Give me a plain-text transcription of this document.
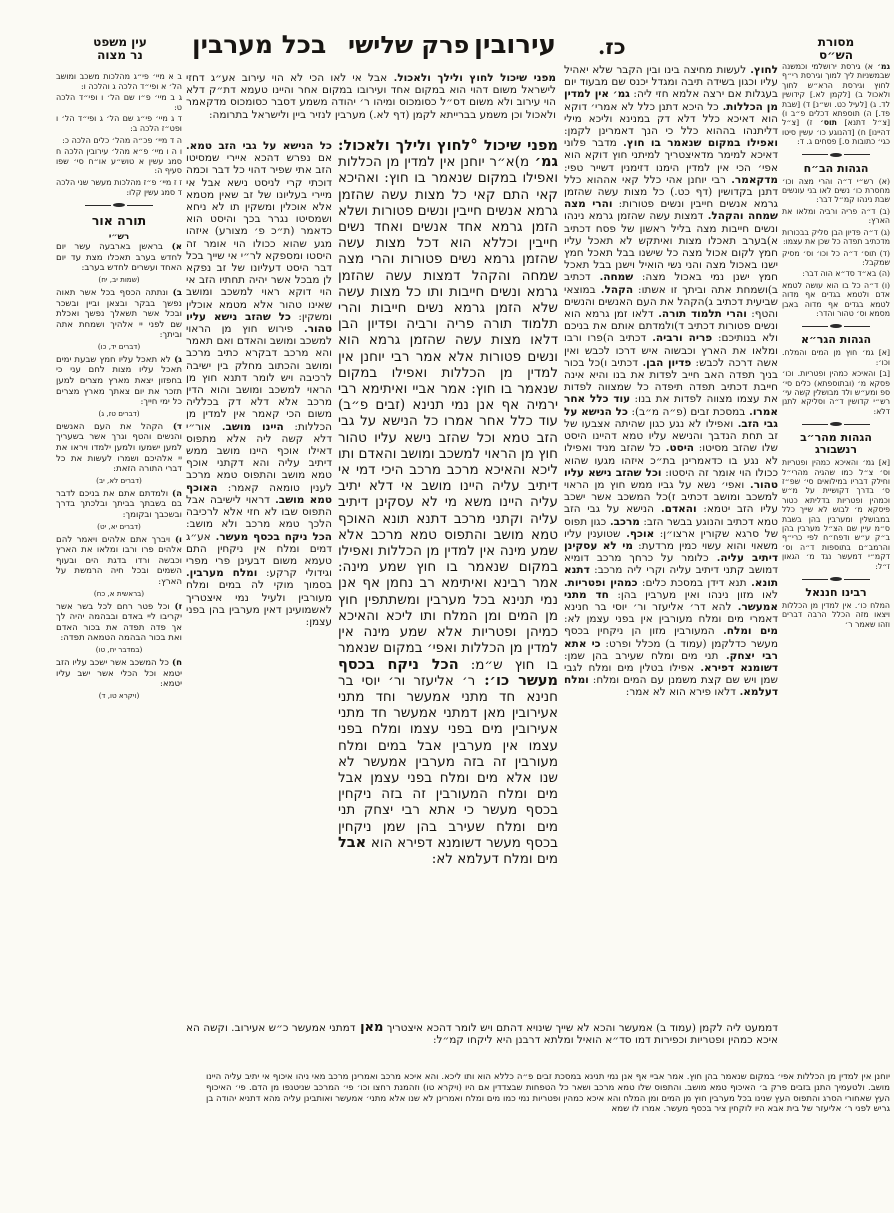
עין משפט
נר מצוה	בכל מערבין פרק שלישי עירובין כז.	מסורת
הש״ס
ב א מיי׳ פי״ג מהלכות משכב ומושב הל׳ א ופי״ד הלכה ג והלכה ו:
ג ב מיי׳ פ״ו שם הל׳ ו ופי״ד הלכה ט:
ד ג מיי׳ פי״ג שם הל׳ ג ופי״ד הל׳ ו ופט״ז הלכה ב:
ה ד מיי׳ פכ״ה מהל׳ כלים הלכה כ:
ו ה ו מיי׳ פ״א מהל׳ עירובין הלכה ח סמג עשין א טוש״ע או״ח סי׳ שפו סעיף ה:
ז ז מיי׳ פ״ז מהלכות מעשר שני הלכה ד סמג עשין קלו:
תורה אור
רש״י
א) בראשן בארבעה עשר יום לחדש בערב תאכלו מצת עד יום האחד ועשרים לחדש בערב:
(שמות יב, יח)
ב) ונתתה הכסף בכל אשר תאוה נפשך בבקר ובצאן וביין ובשכר ובכל אשר תשאלך נפשך ואכלת שם לפני יי אלהיך ושמחת אתה וביתך:
(דברים יד, כו)
ג) לא תאכל עליו חמץ שבעת ימים תאכל עליו מצות לחם עני כי בחפזון יצאת מארץ מצרים למען תזכר את יום צאתך מארץ מצרים כל ימי חייך:
(דברים טז, ג)
ד) הקהל את העם האנשים והנשים והטף וגרך אשר בשעריך למען ישמעו ולמען ילמדו ויראו את יי אלהיכם ושמרו לעשות את כל דברי התורה הזאת:
(דברים לא, יב)
ה) ולמדתם אתם את בניכם לדבר בם בשבתך בביתך ובלכתך בדרך ובשכבך ובקומך:
(דברים יא, יט)
ו) ויברך אתם אלהים ויאמר להם אלהים פרו ורבו ומלאו את הארץ וכבשה ורדו בדגת הים ובעוף השמים ובכל חיה הרמשת על הארץ:
(בראשית א, כח)
ז) וכל פטר רחם לכל בשר אשר יקריבו ליי באדם ובבהמה יהיה לך אך פדה תפדה את בכור האדם ואת בכור הבהמה הטמאה תפדה:
(במדבר יח, טו)
ח) כל המשכב אשר ישכב עליו הזב יטמא וכל הכלי אשר ישב עליו יטמא:
(ויקרא טו, ד)
מפני שיכול לחוץ ולילך ולאכול. אבל אי לאו הכי לא הוי עירוב אע״ג דחזי לישראל משום דהוי הוא במקום אחד ועירובו במקום אחר והיינו טעמא דת״ק דלא הוי עירוב ולא משום דס״ל כסומכוס ומיהו ר׳ יהודה משמע דסבר כסומכוס מדקאמר ולאכול וכן משמע בברייתא לקמן (דף לא.) מערבין לנזיר ביין ולישראל בתרומה:
כל הנישא על גבי הזב טמא. אם נפרש דהכא איירי שמסיטו הזב אתי שפיר דהוי כל דבר וכמה דוכתי קרי לניסט נישא אבל אי מיירי בעליונו של זב שאין מטמא אלא אוכלין ומשקין תו לא ניחא ושמסיטו נגרר בכך והיסט הוא כדאמר (ת״כ פ׳ מצורע) איזהו מגע שהוא ככולו הוי אומר זה היסטו ומספקא לר״י אי שייך בכל דבר היסט דעליונו של זב נפקא לן מבכל אשר יהיה תחתיו הזב אי הוי דוקא ראוי למשכב ומושב שאינו טהור אלא מטמא אוכלין ומשקין: כל שהזב נישא עליו טהור. פירוש חוץ מן הראוי למשכב ומושב והאדם ואם תאמר והא מרכב דבקרא כתיב מרכב ומושב והכתוב מחלק בין ישיבה לרכיבה ויש לומר דתנא חוץ מן הראוי למשכב ומושב והוא הדין מרכב אלא דלא דק בכלליה משום הכי קאמר אין למדין מן הכללות: היינו מושב. אור״י דלא קשה ליה אלא מתפוס דאילו אוכף היינו מושב ממש דיתיב עליה והא דקתני אוכף טמא מושב והתפוס טמא מרכב לענין טומאה קאמר: האוכף טמא מושב. דראוי לישיבה אבל התפוס שבו לא חזי אלא לרכיבה הלכך טמא מרכב ולא מושב: הכל ניקח בכסף מעשר. אע״ג דמים ומלח אין ניקחין התם טעמא משום דבעינן פרי מפרי וגידולי קרקע: ומלח מערבין. בסמוך מוקי לה במים ומלח מעורבין ולעיל נמי איצטריך לאשמועינן דאין מערבין בהן בפני עצמן:
מפני שיכול °לחוץ ולילך ולאכול: גמ׳ מ)א״ר יוחנן אין למדין מן הכללות ואפילו במקום שנאמר בו חוץ: ואהיכא קאי התם קאי כל מצות עשה שהזמן גרמא אנשים חייבין ונשים פטורות ושלא הזמן גרמא אחד אנשים ואחד נשים חייבין וכללא הוא דכל מצות עשה שהזמן גרמא נשים פטורות והרי מצה שמחה והקהל דמצות עשה שהזמן גרמא ונשים חייבות ותו כל מצות עשה שלא הזמן גרמא נשים חייבות והרי תלמוד תורה פריה ורביה ופדיון הבן דלאו מצות עשה שהזמן גרמא הוא ונשים פטורות אלא אמר רבי יוחנן אין למדין מן הכללות ואפילו במקום שנאמר בו חוץ: אמר אביי ואיתימא רבי ירמיה אף אנן נמי תנינא (זבים פ״ב) עוד כלל אחר אמרו כל הנישא על גבי הזב טמא וכל שהזב נישא עליו טהור חוץ מן הראוי למשכב ומושב והאדם ותו ליכא והאיכא מרכב מרכב היכי דמי אי דיתיב עליה היינו מושב אי דלא יתיב עליה היינו משא מי לא עסקינן דיתיב עליה וקתני מרכב דתנא תונא האוכף טמא מושב והתפוס טמא מרכב אלא שמע מינה אין למדין מן הכללות ואפילו במקום שנאמר בו חוץ שמע מינה: אמר רבינא ואיתימא רב נחמן אף אנן נמי תנינא בכל מערבין ומשתתפין חוץ מן המים ומן המלח ותו ליכא והאיכא כמיהן ופטריות אלא שמע מינה אין למדין מן הכללות ואפי׳ במקום שנאמר בו חוץ ש״מ: הכל ניקח בכסף מעשר כו׳: ר׳ אליעזר ור׳ יוסי בר חנינא חד מתני אמעשר וחד מתני אעירובין מאן דמתני אמעשר חד מתני אעירובין מים בפני עצמו ומלח בפני עצמו אין מערבין אבל במים ומלח מעורבין זה בזה מערבין אמעשר לא שנו אלא מים ומלח בפני עצמן אבל מים ומלח המעורבין זה בזה ניקחין בכסף מעשר כי אתא רבי יצחק תני מים ומלח שעירב בהן שמן ניקחין בכסף מעשר דשומנא דפירא הוא אבל מים ומלח דעלמא לא:
לחוץ. לעשות מחיצה בינו ובין הקבר שלא יאהיל עליו וכגון בשידה תיבה ומגדל יכנס שם מבעוד יום בעגלות אם ירצה אלמא חזי ליה: גמ׳ אין למדין מן הכללות. כל היכא דתנן כלל לא אמרי׳ דוקא הוא דאיכא כלל דלא דק במנינא וליכא מילי דליתנהו בההוא כלל כי הנך דאמרינן לקמן: ואפילו במקום שנאמר בו חוץ. מדבר פלוני דאיכא למימר מדאיצטריך למיתני חוץ דוקא הוא אפי׳ הכי אין למדין הימנו דזימנין דשייר טפי: מדקאמר. רבי יוחנן אהי כלל קאי אההוא כלל דתנן בקדושין (דף כט.) כל מצות עשה שהזמן גרמא אנשים חייבין ונשים פטורות: והרי מצה שמחה והקהל. דמצות עשה שהזמן גרמא נינהו ונשים חייבות מצה בליל ראשון של פסח דכתיב א)בערב תאכלו מצות ואיתקש לא תאכל עליו חמץ לקום אכול מצה כל שישנו בבל תאכל חמץ ישנו באכול מצה והני נשי הואיל וישנן בבל תאכל חמץ ישנן נמי באכול מצה: שמחה. דכתיב ב)ושמחת אתה וביתך זו אשתו: הקהל. במוצאי שביעית דכתיב ג)הקהל את העם האנשים והנשים והטף: והרי תלמוד תורה. דלאו זמן גרמא הוא ונשים פטורות דכתיב ד)ולמדתם אותם את בניכם ולא בנותיכם: פריה ורביה. דכתיב ה)פרו ורבו ומלאו את הארץ וכבשוה איש דרכו לכבש ואין אשה דרכה לכבש: פדיון הבן. דכתיב ו)כל בכור בניך תפדה האב חייב לפדות את בנו והיא אינה חייבת דכתיב תפדה תיפדה כל שמצווה לפדות את עצמו מצווה לפדות את בנו: עוד כלל אחר אמרו. במסכת זבים (פ״ה מ״ב): כל הנישא על גבי הזב. ואפילו לא נגע כגון שהיתה אצבעו של זב תחת הנדבך והנישא עליו טמא דהיינו היסט שלו שהזב מסיטו: היסט. כל שהזב מניד ואפילו לא נגע בו כדאמרינן בת״כ איזהו מגעו שהוא ככולו הוי אומר זה היסטו: וכל שהזב נישא עליו טהור. ואפי׳ נשא על גביו ממש חוץ מן הראוי למשכב ומושב דכתיב ז)כל המשכב אשר ישכב עליו הזב יטמא: והאדם. הנישא על גבי הזב טמא דכתיב והנוגע בבשר הזב: מרכב. כגון תפוס של סרגא שקורין ארצו״ן: אוכף. שטוענין עליו משאוי והוא עשוי כמין מרדעת: מי לא עסקינן דיתיב עליה. כלומר על כרחך מרכב דומיא דמושב קתני דיתיב עליה וקרי ליה מרכב: דתנא תונא. תנא דידן במסכת כלים: כמהין ופטריות. לאו מזון נינהו ואין מערבין בהן: חד מתני אמעשר. להא דר׳ אליעזר ור׳ יוסי בר חנינא דאמרי מים ומלח מעורבין אין בפני עצמן לא: מים ומלח. המעורבין מזון הן ניקחין בכסף מעשר כדלקמן (עמוד ב) מכלל ופרט: כי אתא רבי יצחק. תני מים ומלח שעירב בהן שמן: דשומנא דפירא. אפילו בטלין מים ומלח לגבי שמן ויש שם קצת משמנן עם המים ומלח: ומלח דעלמא. דלאו פירא הוא לא אמר:
דממעט ליה לקמן (עמוד ב) אמעשר והכא לא שייך שינויא דהתם ויש לומר דהכא איצטריך מאן דמתני אמעשר כ״ש אעירוב. וקשה הא איכא כמהין ופטריות וכפירות דמו סד״א הואיל ומלתא דרבנן היא ליקחו קמ״ל:
גמ׳ א) גירסת ירושלמי וכמשנה שבמשניות ליך למוך וגירסת רי״ף לחוץ וגירסת הרא״ש לחוך ולאכול ב) [לקמן לא.] קידושין לד. ג) [לעיל כט. וש״נ] ד) [שבת פד.] ה) תוספתא דכלים פ״ב ו) [צ״ל דתנא] תוס׳ ז) [צ״ל דהיינו] ח) [דהנוגע כו׳ עשין סיטו כגי׳ כתובות ס.] פסחים ג. ד:
הגהות הב״ח
(א) רש״י ד״ה והרי מצה וכו׳ מחסרת כו׳ נשים לאו בני עונשים שבת נינהו קמ״ל דבר:
(ב) ד״ה פריה ורביה ומלאו את הארץ:
(ג) ד״ה פדיון הבן סליק בבכורות מדכתיב תפדה כל שכן את עצמו:
(ד) תוס׳ ד״ה כל וכו׳ וס׳ מסיק שמקבל:
(ה) בא״ד סד״א הוה דבר:
(ו) ד״ה כל בו הוא עושה לטמא אדם ולטמא בגדים אף מדוה לטמא בגדים אף מדוה באבן מסמא וס׳ טהור והדר:
הגהות הגר״א
[א] גמ׳ חוץ מן המים והמלח. וכו׳:
[ב] והאיכא כמהין ופטריות. וכו׳ פסקא מ׳ (ובתוספתא) כלים סי׳ ספ ומע״ש ולד מבושלין קשה עי׳ רש״י קדושין ד״ה וסליקא לתנן דלא:
הגהות מהר״ב
רנשבורג
[א] גמ׳ והאיכא כמהין ופטריות וס׳ צ״ל כמו שהגיה מהרי״ל וחילק דבריו במילואים סי׳ שפ״ז ס׳ בדרך דקושיית על מ״ש וכמהין ופטריות בדליתא כטור פיסקא מ׳ לבוש לא שייך כלל במבושלין ומערבין בהן בשבת ס״מ עיין שם הצ״ל מערבין בהן ב״ק ע״ש ודפח״ח לפי כרי״ף והרמב״ם בתוספות ד״ה וס׳ דקמ״י דמעשר נגד מ׳ הגאון ז״ל:
רבינו חננאל
המלח כו׳. אין למדין מן הכללות ויצאו מזה הכלל הרבה דברים וזהו שאמר ר׳
יוחנן אין למדין מן הכללות אפי׳ במקום שנאמר בהן חוץ. אמר אביי אף אנן נמי תנינא במסכת זבים פ״ה כללא הוא ותו ליכא. והא איכא מרכב ואמרינן מרכב מאי ניהו איכוף אי יתיב עליה היינו מושב. ולטעמיך התנן בזבים פרק ב׳ האיכוף טמא מושב. והתפוס שלו טמא מרכב ושאר כל הטפחות שבצדדין אם היו (ויקרא טו) וזהמנת רחצו וכו׳ פי׳ המרכב שניטנפו מן הדם. פי׳ האיכוף העץ שאחורי הסרג והתפוס העץ שנינו בכל מערבין חוץ מן המים ומן המלח והא איכא כמהין ופטריות נמי כמו מים ומלח ואמרינן לא שנו אלא מתני׳ אמעשר ואותבינן עליה מהא דתניא יהודה בן גריש לפני ר׳ אליעזר של בית אבא היו לוקחין ציר בכסף מעשר. אמרו לו שמא
